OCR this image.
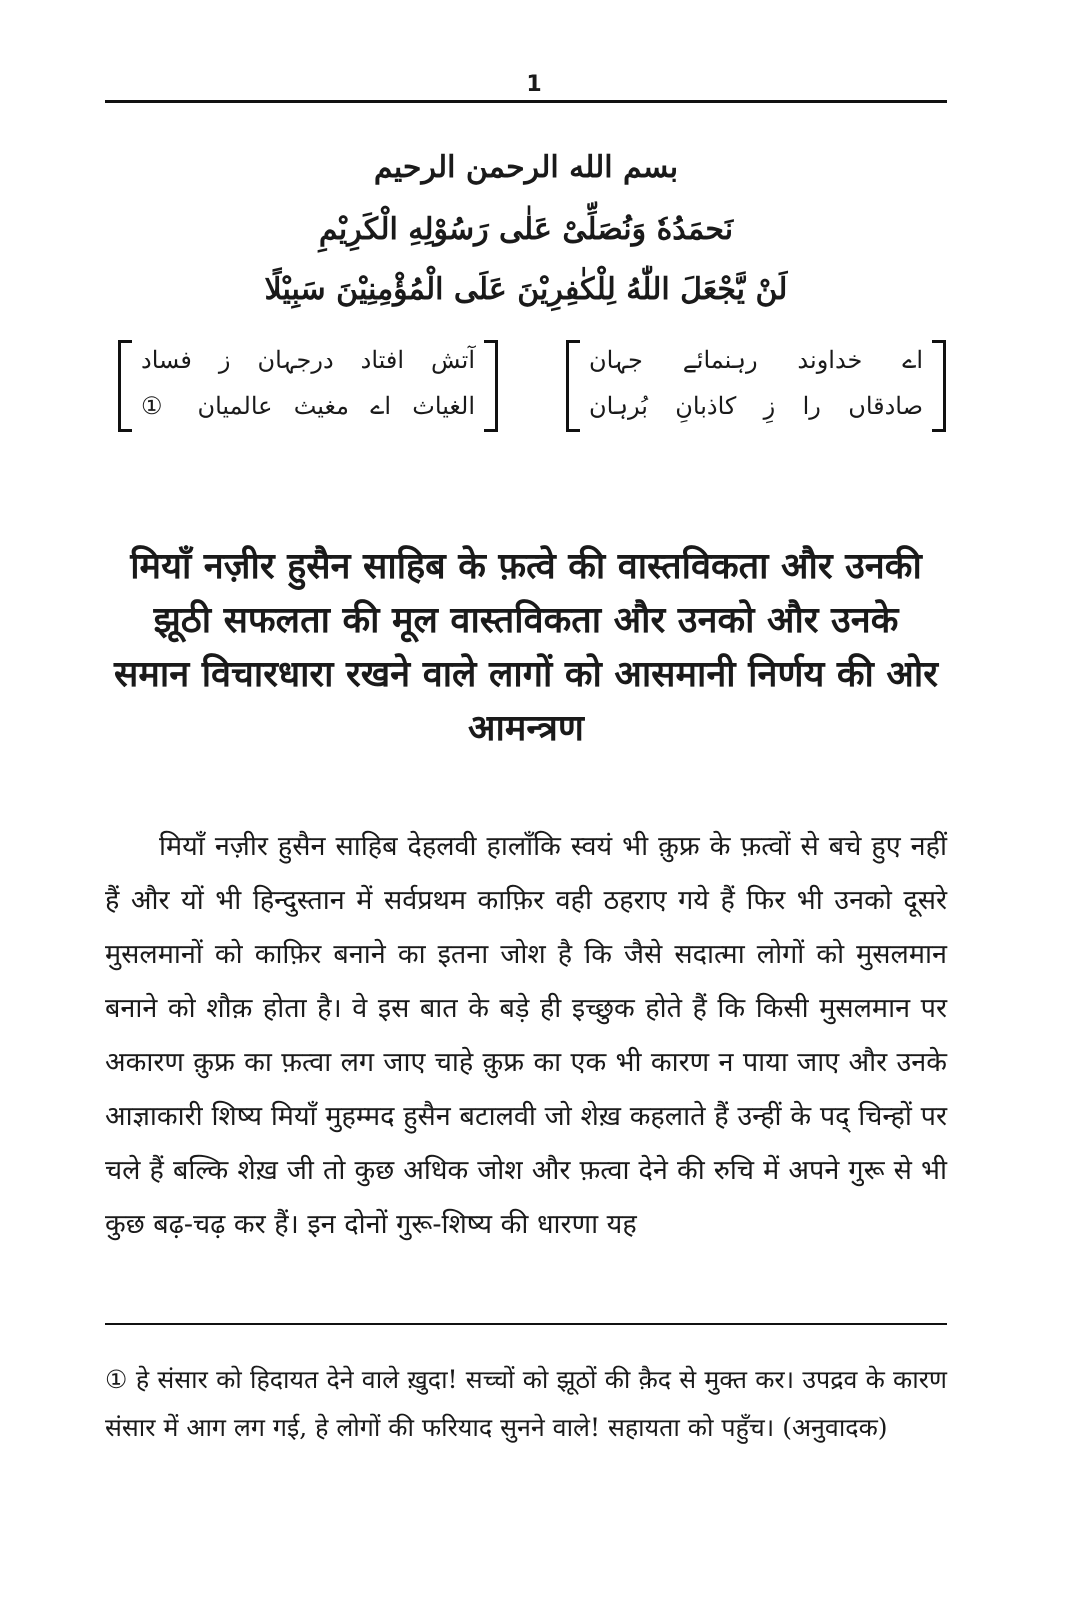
1
بسم الله الرحمن الرحيم
نَحمَدُهٗ وَنُصَلِّیْ عَلٰی رَسُوْلِهِ الْکَرِیْمِ
لَنْ یَّجْعَلَ اللّٰهُ لِلْکٰفِرِیْنَ عَلَی الْمُؤْمِنِیْنَ سَبِیْلًا
اے خداوند رہنمائے جہان
صادقاں را زِ کاذبانِ بُرہان
آتش افتاد درجہان ز فساد
الغیاث اے مغیث عالمیان ①
मियाँ नज़ीर हुसैन साहिब के फ़त्वे की वास्तविकता और उनकी झूठी सफलता की मूल वास्तविकता और उनको और उनके समान विचारधारा रखने वाले लागों को आसमानी निर्णय की ओर आमन्त्रण
मियाँ नज़ीर हुसैन साहिब देहलवी हालाँकि स्वयं भी क़ुफ्र के फ़त्वों से बचे हुए नहीं हैं और यों भी हिन्दुस्तान में सर्वप्रथम काफ़िर वही ठहराए गये हैं फिर भी उनको दूसरे मुसलमानों को काफ़िर बनाने का इतना जोश है कि जैसे सदात्मा लोगों को मुसलमान बनाने को शौक़ होता है। वे इस बात के बड़े ही इच्छुक होते हैं कि किसी मुसलमान पर अकारण क़ुफ्र का फ़त्वा लग जाए चाहे क़ुफ्र का एक भी कारण न पाया जाए और उनके आज्ञाकारी शिष्य मियाँ मुहम्मद हुसैन बटालवी जो शेख़ कहलाते हैं उन्हीं के पद् चिन्हों पर चले हैं बल्कि शेख़ जी तो कुछ अधिक जोश और फ़त्वा देने की रुचि में अपने गुरू से भी कुछ बढ़-चढ़ कर हैं। इन दोनों गुरू-शिष्य की धारणा यह
① हे संसार को हिदायत देने वाले ख़ुदा! सच्चों को झूठों की क़ैद से मुक्त कर। उपद्रव के कारण संसार में आग लग गई, हे लोगों की फरियाद सुनने वाले! सहायता को पहुँच। (अनुवादक)
